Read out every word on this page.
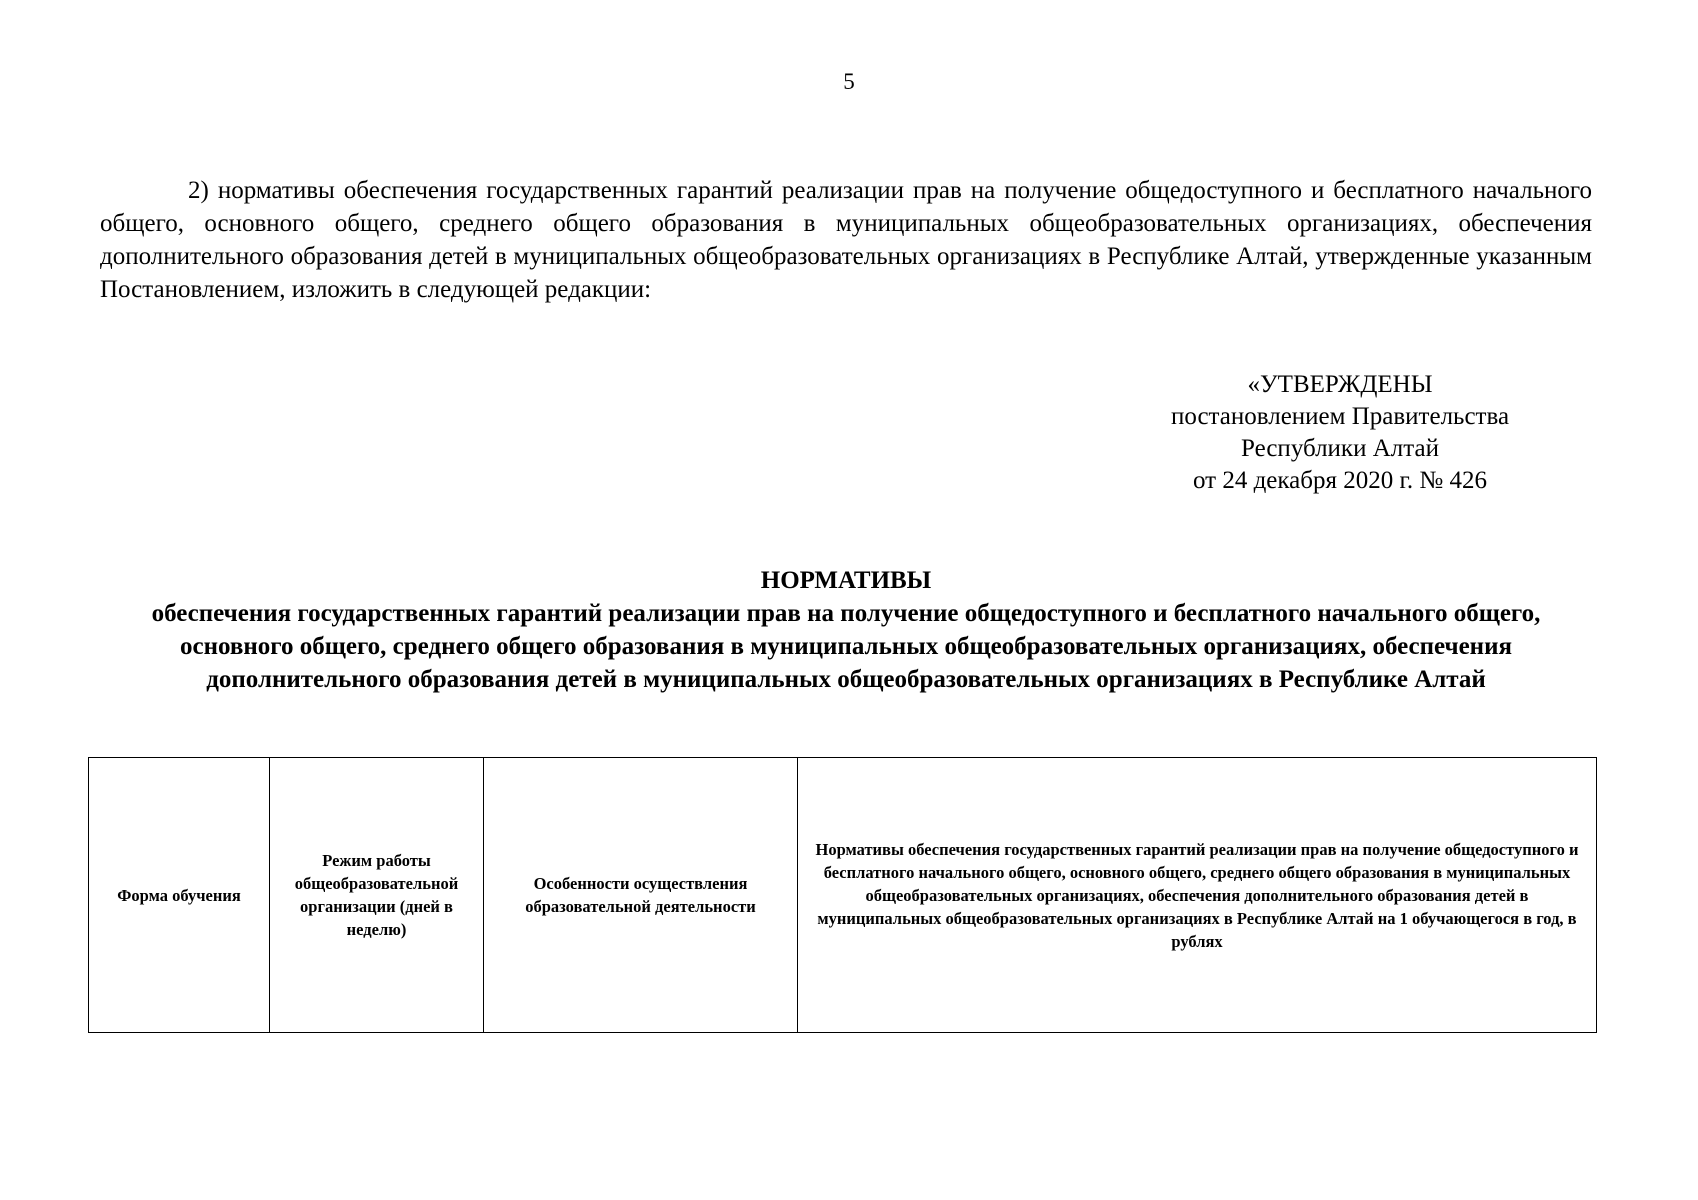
5

2) нормативы обеспечения государственных гарантий реализации прав на получение общедоступного и бесплатного начального общего, основного общего, среднего общего образования в муниципальных общеобразовательных организациях, обеспечения дополнительного образования детей в муниципальных общеобразовательных организациях в Республике Алтай, утвержденные указанным Постановлением, изложить в следующей редакции:

«УТВЕРЖДЕНЫ
постановлением Правительства
Республики Алтай
от 24 декабря 2020 г. № 426
НОРМАТИВЫ
обеспечения государственных гарантий реализации прав на получение общедоступного и бесплатного начального общего, основного общего, среднего общего образования в муниципальных общеобразовательных организациях, обеспечения дополнительного образования детей в муниципальных общеобразовательных организациях в Республике Алтай
Форма обучения	Режим работы общеобразовательной организации (дней в неделю)	Особенности осуществления образовательной деятельности	Нормативы обеспечения государственных гарантий реализации прав на получение общедоступного и бесплатного начального общего, основного общего, среднего общего образования в муниципальных общеобразовательных организациях, обеспечения дополнительного образования детей в муниципальных общеобразовательных организациях в Республике Алтай на 1 обучающегося в год, в рублях
